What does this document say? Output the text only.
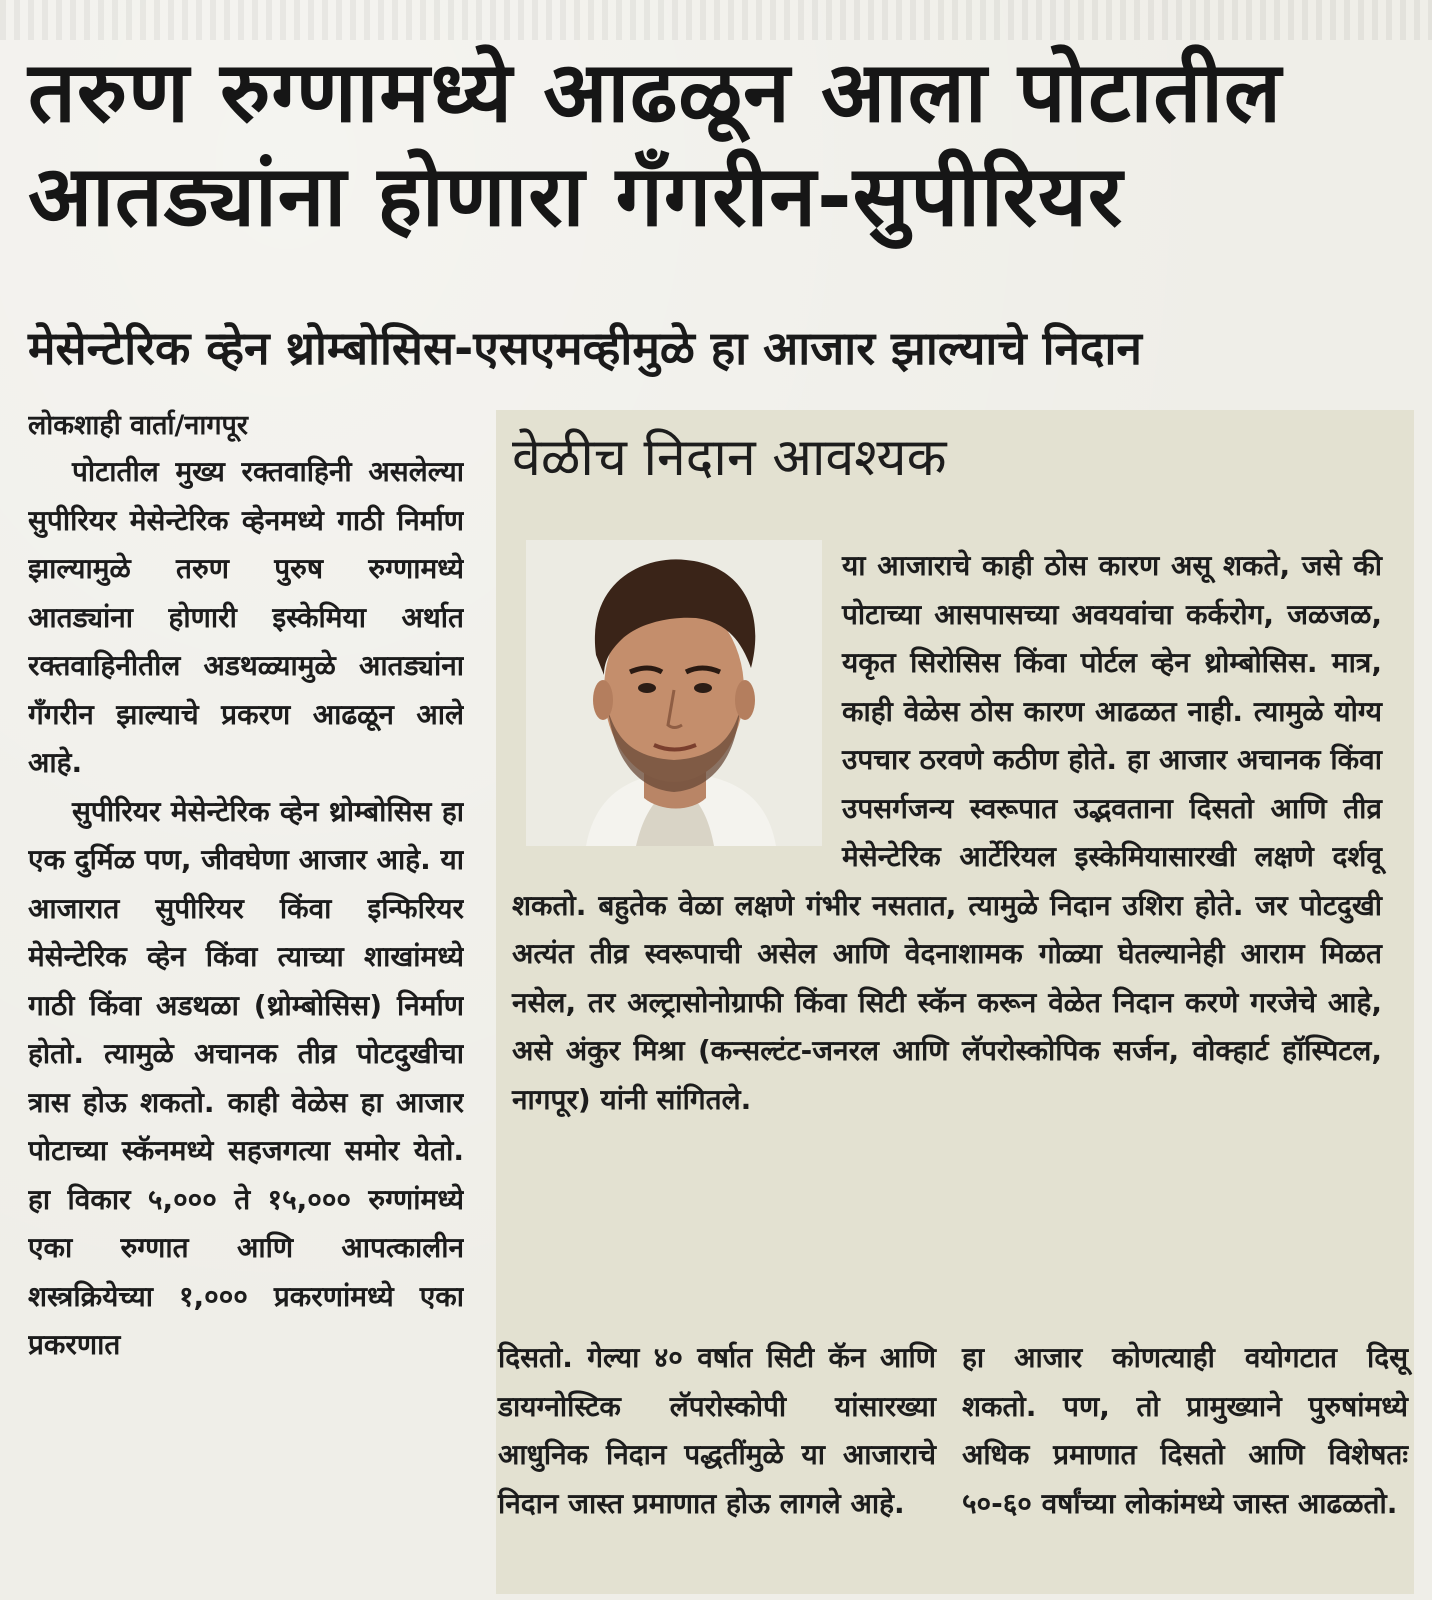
तरुण रुग्णामध्ये आढळून आला पोटातील
आतड्यांना होणारा गँगरीन-सुपीरियर
मेसेन्टेरिक व्हेन थ्रोम्बोसिस-एसएमव्हीमुळे हा आजार झाल्याचे निदान

लोकशाही वार्ता/नागपूर

पोटातील मुख्य रक्तवाहिनी असलेल्या सुपीरियर मेसेन्टेरिक व्हेनमध्ये गाठी निर्माण झाल्यामुळे तरुण पुरुष रुग्णामध्ये आतड्यांना होणारी इस्केमिया अर्थात रक्तवाहिनीतील अडथळ्यामुळे आतड्यांना गँगरीन झाल्याचे प्रकरण आढळून आले आहे.

सुपीरियर मेसेन्टेरिक व्हेन थ्रोम्बोसिस हा एक दुर्मिळ पण, जीवघेणा आजार आहे. या आजारात सुपीरियर किंवा इन्फिरियर मेसेन्टेरिक व्हेन किंवा त्याच्या शाखांमध्ये गाठी किंवा अडथळा (थ्रोम्बोसिस) निर्माण होतो. त्यामुळे अचानक तीव्र पोटदुखीचा त्रास होऊ शकतो. काही वेळेस हा आजार पोटाच्या स्कॅनमध्ये सहजगत्या समोर येतो. हा विकार ५,००० ते १५,००० रुग्णांमध्ये एका रुग्णात आणि आपत्कालीन शस्त्रक्रियेच्या १,००० प्रकरणांमध्ये एका प्रकरणात

वेळीच निदान आवश्यक
या आजाराचे काही ठोस कारण असू शकते, जसे की पोटाच्या आसपासच्या अवयवांचा कर्करोग, जळजळ, यकृत सिरोसिस किंवा पोर्टल व्हेन थ्रोम्बोसिस. मात्र, काही वेळेस ठोस कारण आढळत नाही. त्यामुळे योग्य उपचार ठरवणे कठीण होते. हा आजार अचानक किंवा उपसर्गजन्य स्वरूपात उद्भवताना दिसतो आणि तीव्र मेसेन्टेरिक आर्टेरियल इस्केमियासारखी लक्षणे दर्शवू शकतो. बहुतेक वेळा लक्षणे गंभीर नसतात, त्यामुळे निदान उशिरा होते. जर पोटदुखी अत्यंत तीव्र स्वरूपाची असेल आणि वेदनाशामक गोळ्या घेतल्यानेही आराम मिळत नसेल, तर अल्ट्रासोनोग्राफी किंवा सिटी स्कॅन करून वेळेत निदान करणे गरजेचे आहे, असे अंकुर मिश्रा (कन्सल्टंट-जनरल आणि लॅपरोस्कोपिक सर्जन, वोक्हार्ट हॉस्पिटल, नागपूर) यांनी सांगितले.

दिसतो. गेल्या ४० वर्षात सिटी कॅन आणि डायग्नोस्टिक लॅपरोस्कोपी यांसारख्या आधुनिक निदान पद्धतींमुळे या आजाराचे निदान जास्त प्रमाणात होऊ लागले आहे.

हा आजार कोणत्याही वयोगटात दिसू शकतो. पण, तो प्रामुख्याने पुरुषांमध्ये अधिक प्रमाणात दिसतो आणि विशेषतः ५०-६० वर्षांच्या लोकांमध्ये जास्त आढळतो.
